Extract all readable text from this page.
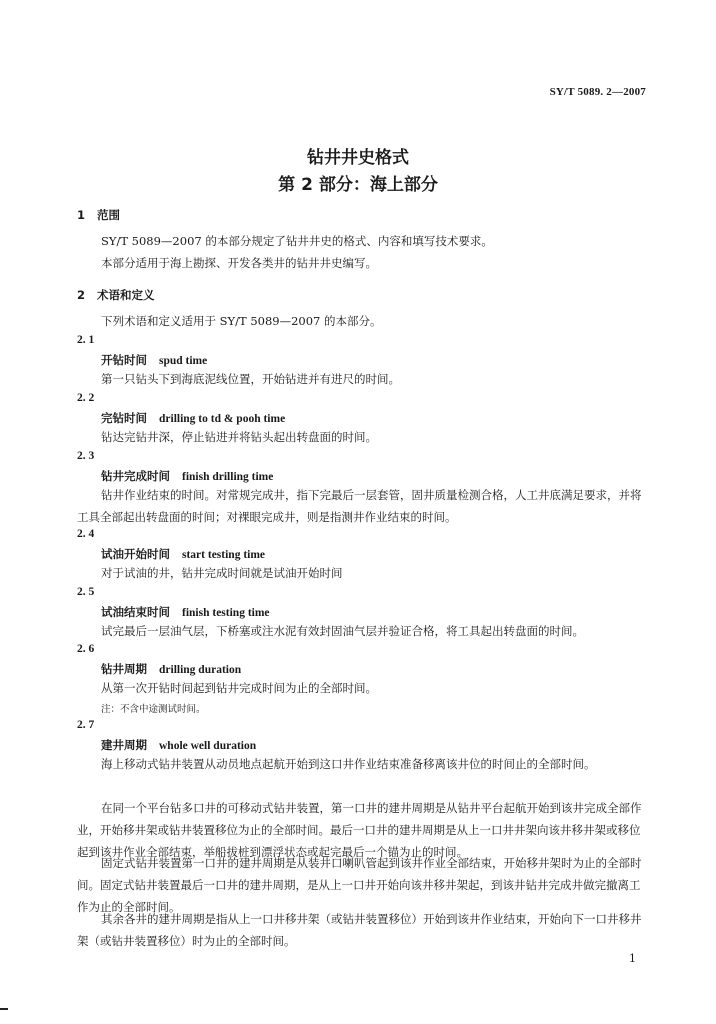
SY/T 5089. 2—2007
钻井井史格式
第 2 部分：海上部分
1 范围
SY/T 5089—2007 的本部分规定了钻井井史的格式、内容和填写技术要求。
本部分适用于海上勘探、开发各类井的钻井井史编写。
2 术语和定义
下列术语和定义适用于 SY/T 5089—2007 的本部分。
2. 1
开钻时间 spud time
第一只钻头下到海底泥线位置，开始钻进并有进尺的时间。
2. 2
完钻时间 drilling to td & pooh time
钻达完钻井深，停止钻进并将钻头起出转盘面的时间。
2. 3
钻井完成时间 finish drilling time
钻井作业结束的时间。对常规完成井，指下完最后一层套管，固井质量检测合格，人工井底满足要求，并将工具全部起出转盘面的时间；对裸眼完成井，则是指测井作业结束的时间。
2. 4
试油开始时间 start testing time
对于试油的井，钻井完成时间就是试油开始时间
2. 5
试油结束时间 finish testing time
试完最后一层油气层，下桥塞或注水泥有效封固油气层并验证合格，将工具起出转盘面的时间。
2. 6
钻井周期 drilling duration
从第一次开钻时间起到钻井完成时间为止的全部时间。
注：不含中途测试时间。
2. 7
建井周期 whole well duration
海上移动式钻井装置从动员地点起航开始到这口井作业结束准备移离该井位的时间止的全部时间。
在同一个平台钻多口井的可移动式钻井装置，第一口井的建井周期是从钻井平台起航开始到该井完成全部作业，开始移井架或钻井装置移位为止的全部时间。最后一口井的建井周期是从上一口井井架向该井移井架或移位起到该井作业全部结束，举船拔桩到漂浮状态或起完最后一个锚为止的时间。
固定式钻井装置第一口井的建井周期是从装井口喇叭管起到该井作业全部结束，开始移井架时为止的全部时间。固定式钻井装置最后一口井的建井周期，是从上一口井开始向该井移井架起，到该井钻井完成井做完撤离工作为止的全部时间。
其余各井的建井周期是指从上一口井移井架（或钻井装置移位）开始到该井作业结束，开始向下一口井移井架（或钻井装置移位）时为止的全部时间。
1
